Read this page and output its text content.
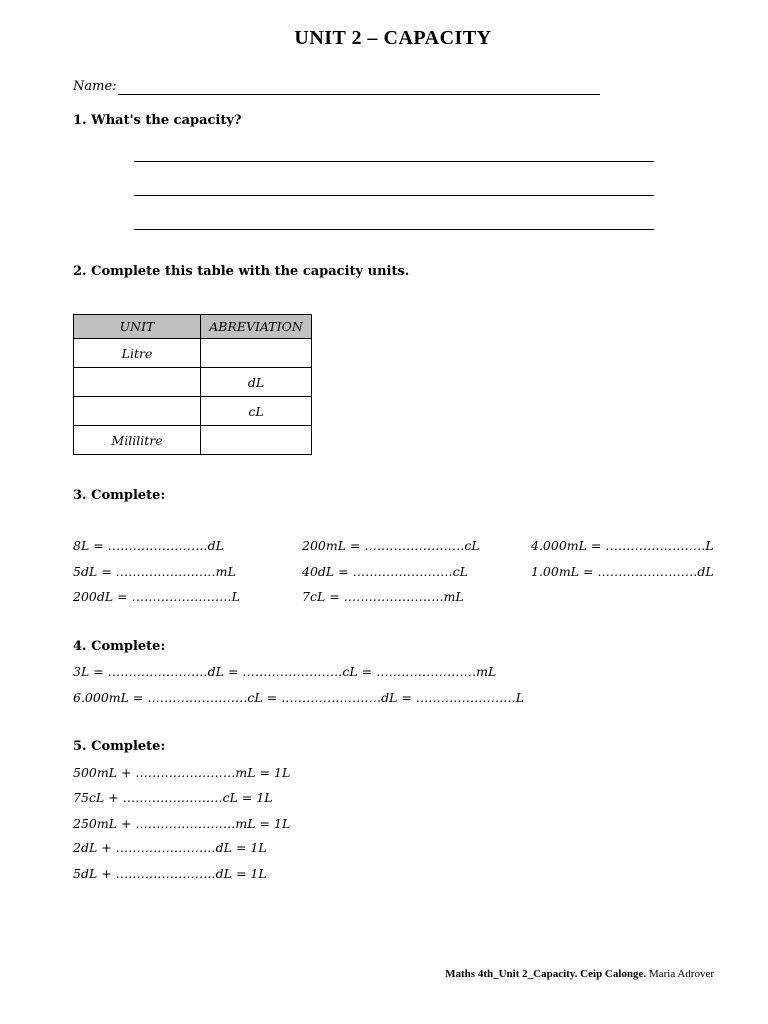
UNIT 2 – CAPACITY
Name:
1. What's the capacity?
2. Complete this table with the capacity units.
UNIT	ABREVIATION
Litre	
	dL
	cL
Mililitre	
3. Complete:
8L = ……………………dL	200mL = ……………………cL	4.000mL = ……………………L
5dL = ……………………mL	40dL = ……………………cL	1.00mL = ……………………dL
200dL = ……………………L	7cL = ……………………mL
4. Complete:
3L = ……………………dL = ……………………cL = ……………………mL
6.000mL = ……………………cL = ……………………dL = ……………………L
5. Complete:
500mL + ……………………mL = 1L
75cL + ……………………cL = 1L
250mL + ……………………mL = 1L
2dL + ……………………dL = 1L
5dL + ……………………dL = 1L
Maths 4th_Unit 2_Capacity. Ceip Calonge. Maria Adrover
